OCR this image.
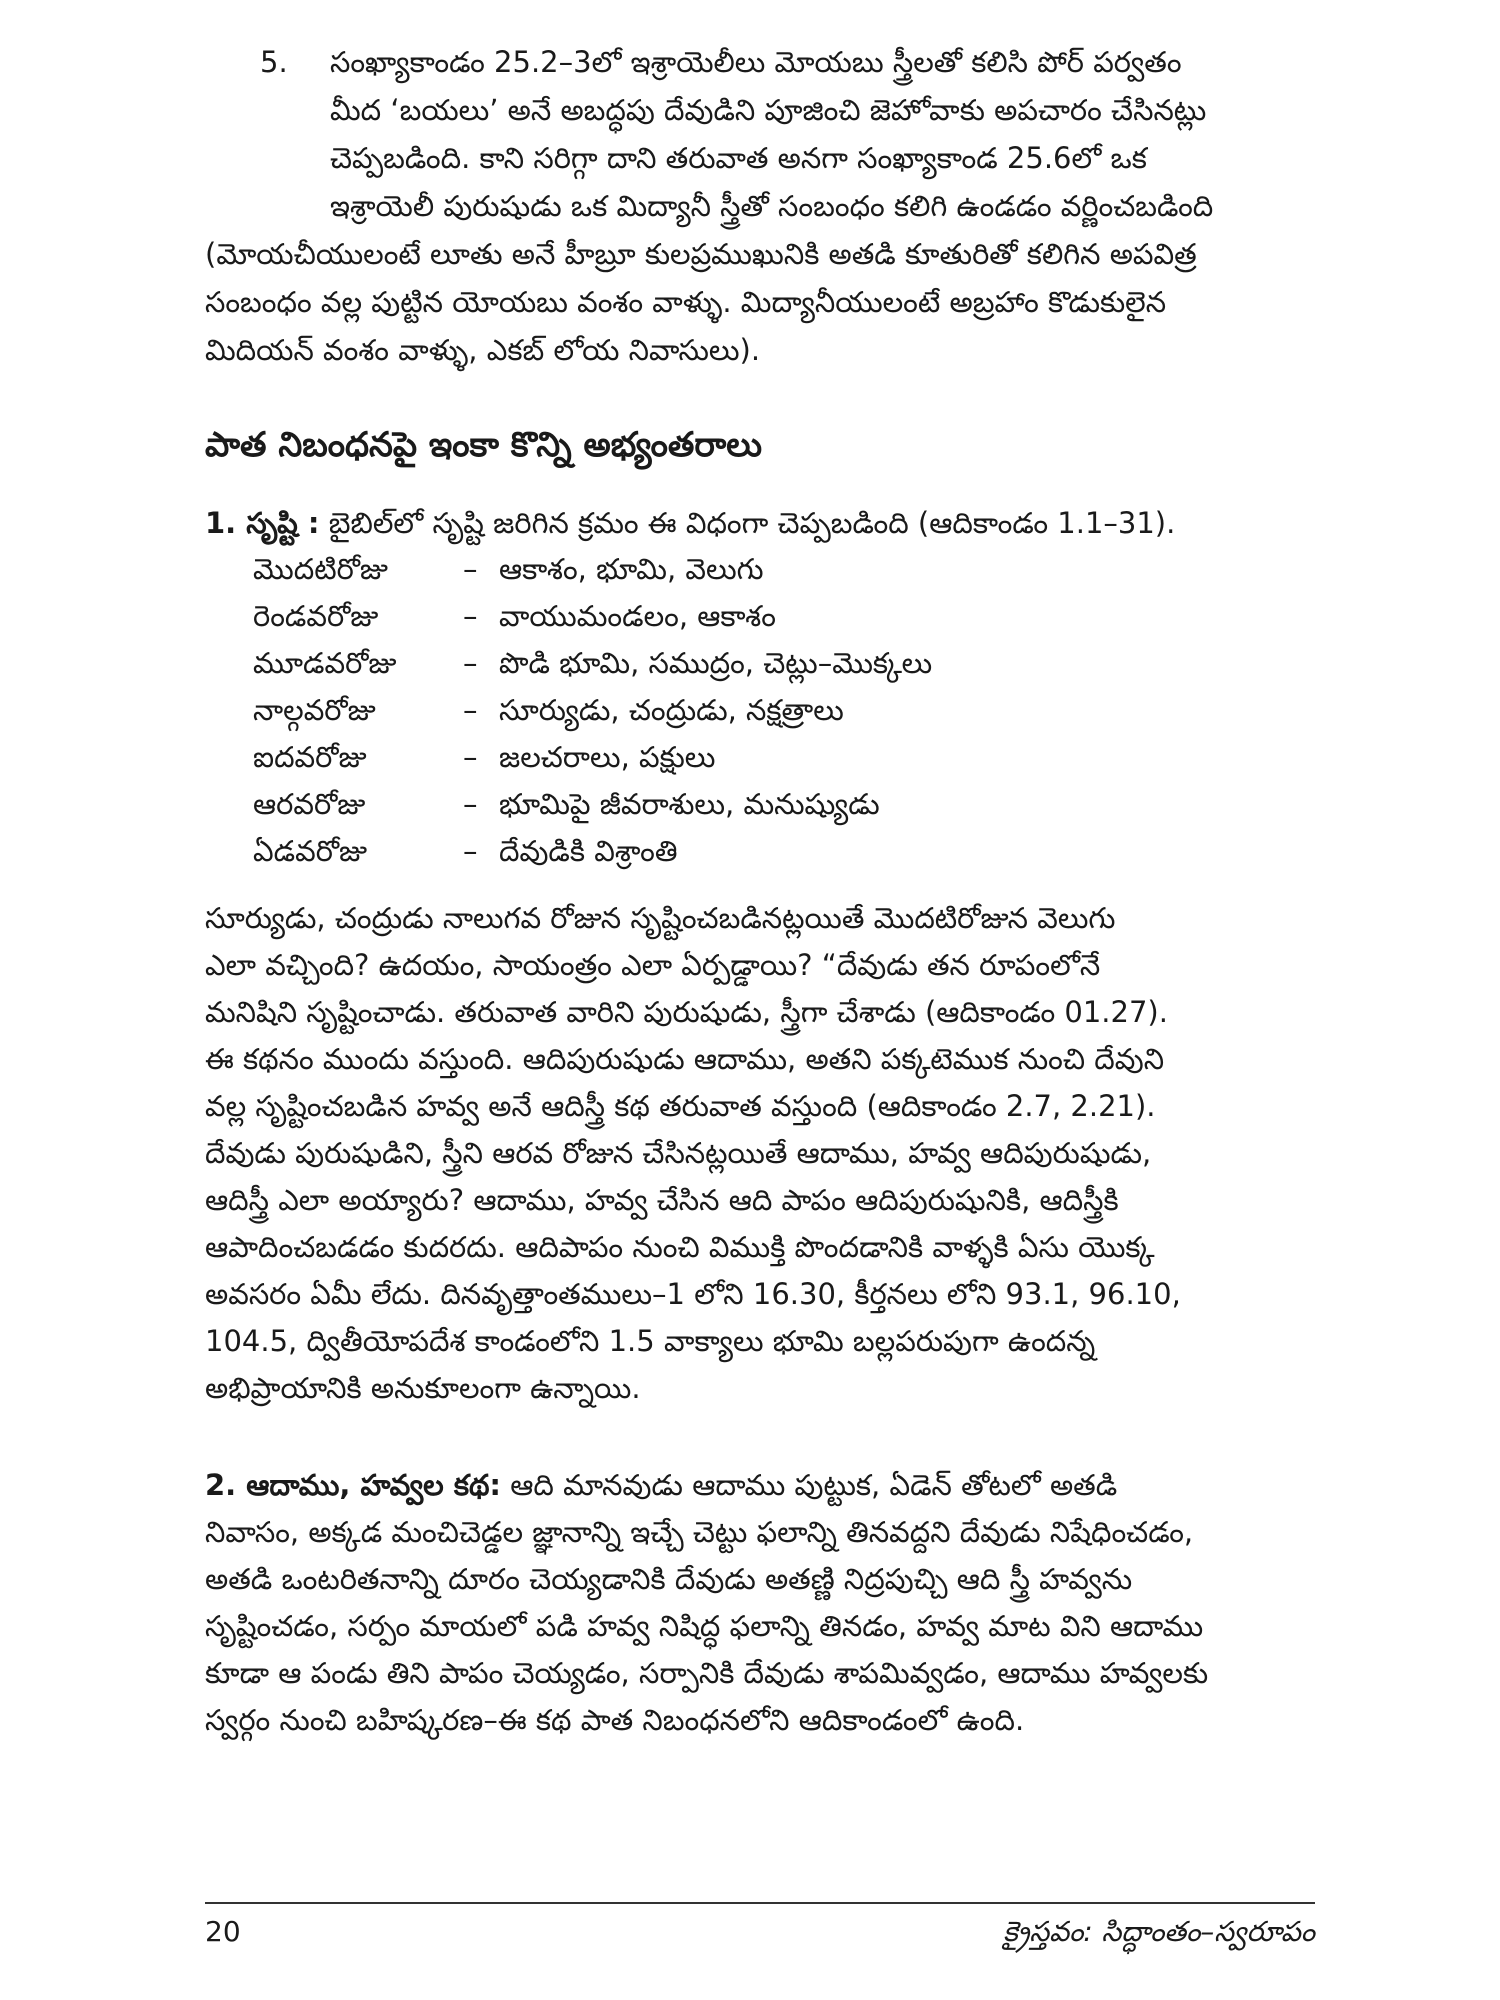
5.	సంఖ్యాకాండం 25.2–3లో ఇశ్రాయెలీలు మోయబు స్త్రీలతో కలిసి పోర్ పర్వతం
మీద ‘బయలు’ అనే అబద్ధపు దేవుడిని పూజించి జెహోవాకు అపచారం చేసినట్లు
చెప్పబడింది. కాని సరిగ్గా దాని తరువాత అనగా సంఖ్యాకాండ 25.6లో ఒక
ఇశ్రాయెలీ పురుషుడు ఒక మిద్యానీ స్త్రీతో సంబంధం కలిగి ఉండడం వర్ణించబడింది
(మోయచీయులంటే లూతు అనే హీబ్రూ కులప్రముఖునికి అతడి కూతురితో కలిగిన అపవిత్ర
సంబంధం వల్ల పుట్టిన యోయబు వంశం వాళ్ళు. మిద్యానీయులంటే అబ్రహాం కొడుకులైన
మిదియన్ వంశం వాళ్ళు, ఎకబ్ లోయ నివాసులు).
పాత నిబంధనపై ఇంకా కొన్ని అభ్యంతరాలు
1. సృష్టి : బైబిల్‌లో సృష్టి జరిగిన క్రమం ఈ విధంగా చెప్పబడింది (ఆదికాండం 1.1–31).
మొదటిరోజు	– ఆకాశం, భూమి, వెలుగు
రెండవరోజు	– వాయుమండలం, ఆకాశం
మూడవరోజు	– పొడి భూమి, సముద్రం, చెట్లు–మొక్కలు
నాల్గవరోజు	– సూర్యుడు, చంద్రుడు, నక్షత్రాలు
ఐదవరోజు	– జలచరాలు, పక్షులు
ఆరవరోజు	– భూమిపై జీవరాశులు, మనుష్యుడు
ఏడవరోజు	– దేవుడికి విశ్రాంతి
సూర్యుడు, చంద్రుడు నాలుగవ రోజున సృష్టించబడినట్లయితే మొదటిరోజున వెలుగు
ఎలా వచ్చింది? ఉదయం, సాయంత్రం ఎలా ఏర్పడ్డాయి? “దేవుడు తన రూపంలోనే
మనిషిని సృష్టించాడు. తరువాత వారిని పురుషుడు, స్త్రీగా చేశాడు (ఆదికాండం 01.27).
ఈ కథనం ముందు వస్తుంది. ఆదిపురుషుడు ఆదాము, అతని పక్కటెముక నుంచి దేవుని
వల్ల సృష్టించబడిన హవ్వ అనే ఆదిస్త్రీ కథ తరువాత వస్తుంది (ఆదికాండం 2.7, 2.21).
దేవుడు పురుషుడిని, స్త్రీని ఆరవ రోజున చేసినట్లయితే ఆదాము, హవ్వ ఆదిపురుషుడు,
ఆదిస్త్రీ ఎలా అయ్యారు? ఆదాము, హవ్వ చేసిన ఆది పాపం ఆదిపురుషునికి, ఆదిస్త్రీకి
ఆపాదించబడడం కుదరదు. ఆదిపాపం నుంచి విముక్తి పొందడానికి వాళ్ళకి ఏసు యొక్క
అవసరం ఏమీ లేదు. దినవృత్తాంతములు–1 లోని 16.30, కీర్తనలు లోని 93.1, 96.10,
104.5, ద్వితీయోపదేశ కాండంలోని 1.5 వాక్యాలు భూమి బల్లపరుపుగా ఉందన్న
అభిప్రాయానికి అనుకూలంగా ఉన్నాయి.
2. ఆదాము, హవ్వల కథ: ఆది మానవుడు ఆదాము పుట్టుక, ఏడెన్ తోటలో అతడి
నివాసం, అక్కడ మంచిచెడ్డల జ్ఞానాన్ని ఇచ్చే చెట్టు ఫలాన్ని తినవద్దని దేవుడు నిషేధించడం,
అతడి ఒంటరితనాన్ని దూరం చెయ్యడానికి దేవుడు అతణ్ణి నిద్రపుచ్చి ఆది స్త్రీ హవ్వను
సృష్టించడం, సర్పం మాయలో పడి హవ్వ నిషిద్ధ ఫలాన్ని తినడం, హవ్వ మాట విని ఆదాము
కూడా ఆ పండు తిని పాపం చెయ్యడం, సర్పానికి దేవుడు శాపమివ్వడం, ఆదాము హవ్వలకు
స్వర్గం నుంచి బహిష్కరణ–ఈ కథ పాత నిబంధనలోని ఆదికాండంలో ఉంది.
20	క్రైస్తవం: సిద్ధాంతం–స్వరూపం
